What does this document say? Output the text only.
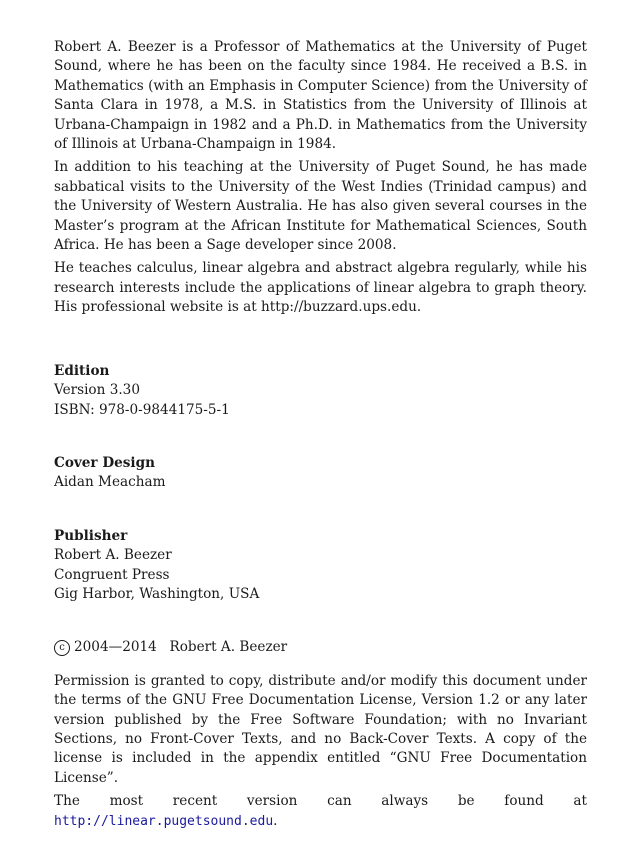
Robert A. Beezer is a Professor of Mathematics at the University of Puget Sound, where he has been on the faculty since 1984. He received a B.S. in Mathematics (with an Emphasis in Computer Science) from the University of Santa Clara in 1978, a M.S. in Statistics from the University of Illinois at Urbana-Champaign in 1982 and a Ph.D. in Mathematics from the University of Illinois at Urbana-Champaign in 1984.

In addition to his teaching at the University of Puget Sound, he has made sabbatical visits to the University of the West Indies (Trinidad campus) and the University of Western Australia. He has also given several courses in the Master’s program at the African Institute for Mathematical Sciences, South Africa. He has been a Sage developer since 2008.

He teaches calculus, linear algebra and abstract algebra regularly, while his research interests include the applications of linear algebra to graph theory. His professional website is at http://buzzard.ups.edu.

Edition
Version 3.30
ISBN: 978-0-9844175-5-1
Cover Design
Aidan Meacham
Publisher
Robert A. Beezer
Congruent Press
Gig Harbor, Washington, USA
c 2004—2014 Robert A. Beezer

Permission is granted to copy, distribute and/or modify this document under the terms of the GNU Free Documentation License, Version 1.2 or any later version published by the Free Software Foundation; with no Invariant Sections, no Front-Cover Texts, and no Back-Cover Texts. A copy of the license is included in the appendix entitled “GNU Free Documentation License”.

The most recent version can always be found at http://linear.pugetsound.edu.
